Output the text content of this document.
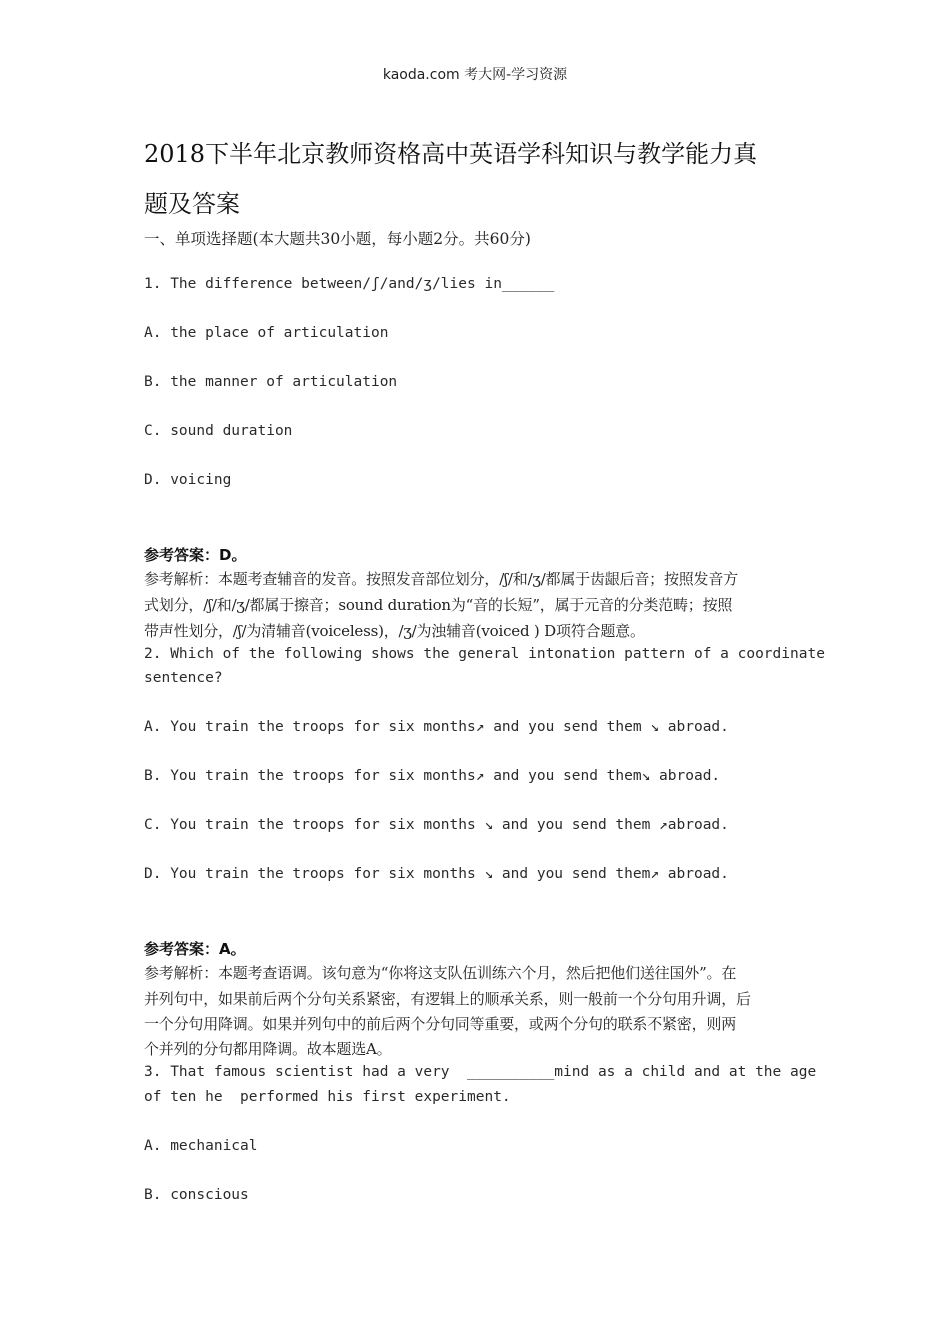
kaoda.com 考大网-学习资源
2018下半年北京教师资格高中英语学科知识与教学能力真
题及答案
一、单项选择题(本大题共30小题，每小题2分。共60分)
1. The difference between/ʃ/and/ʒ/lies in______
A. the place of articulation
B. the manner of articulation
C. sound duration
D. voicing
参考答案：D。
参考解析：本题考查辅音的发音。按照发音部位划分，/ʃ/和/ʒ/都属于齿龈后音；按照发音方
式划分，/ʃ/和/ʒ/都属于擦音；sound duration为“音的长短”，属于元音的分类范畴；按照
带声性划分，/ʃ/为清辅音(voiceless)，/ʒ/为浊辅音(voiced ) D项符合题意。
2. Which of the following shows the general intonation pattern of a coordinate
sentence?
A. You train the troops for six months↗ and you send them ↘ abroad.
B. You train the troops for six months↗ and you send them↘ abroad.
C. You train the troops for six months ↘ and you send them ↗abroad.
D. You train the troops for six months ↘ and you send them↗ abroad.
参考答案：A。
参考解析：本题考查语调。该句意为“你将这支队伍训练六个月，然后把他们送往国外”。在
并列句中，如果前后两个分句关系紧密，有逻辑上的顺承关系，则一般前一个分句用升调，后
一个分句用降调。如果并列句中的前后两个分句同等重要，或两个分句的联系不紧密，则两
个并列的分句都用降调。故本题选A。
3. That famous scientist had a very  __________mind as a child and at the age
of ten he  performed his first experiment.
A. mechanical
B. conscious
